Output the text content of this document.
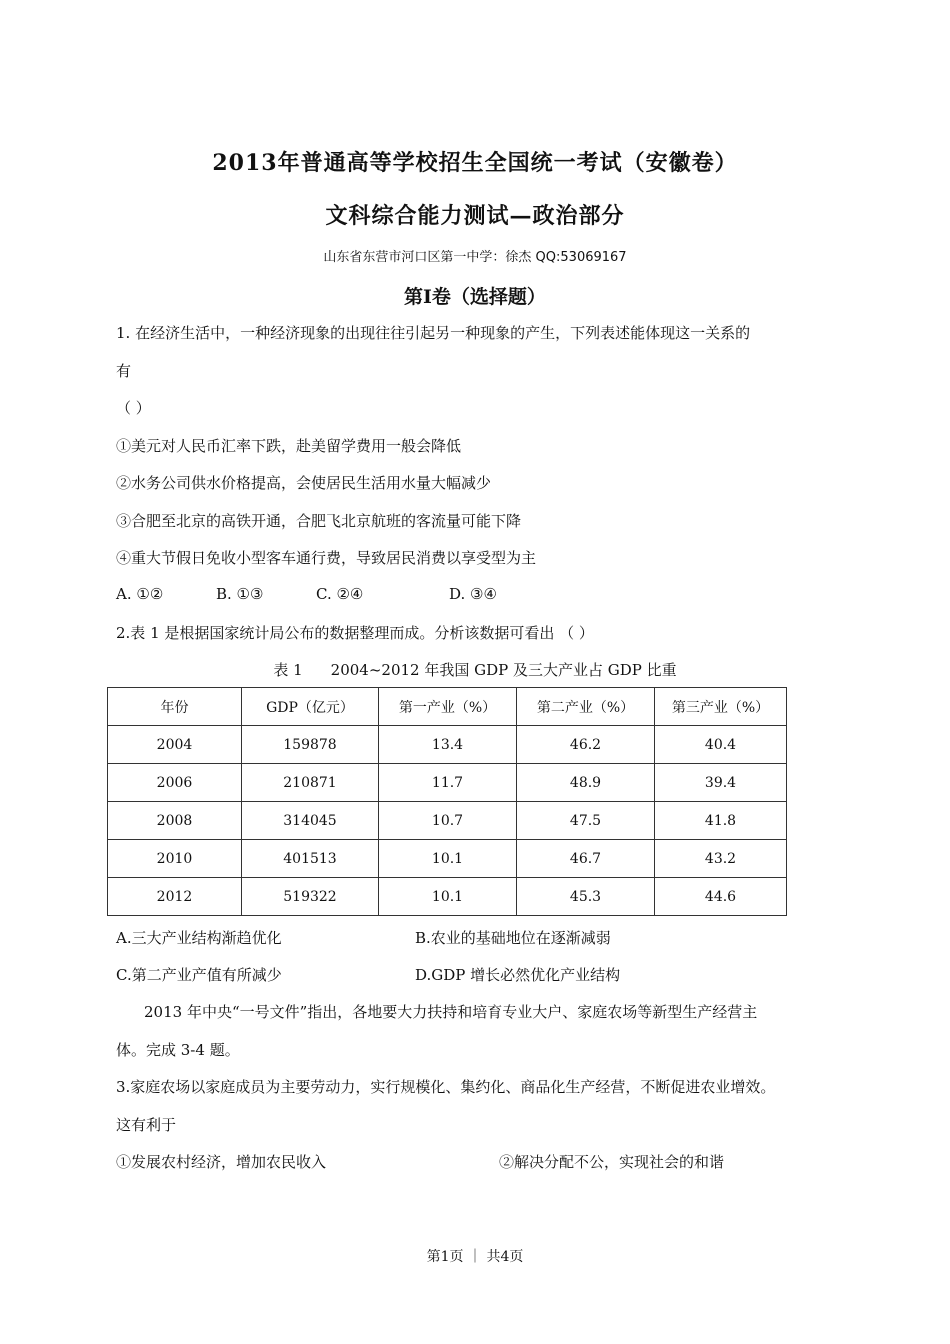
2013年普通高等学校招生全国统一考试（安徽卷）
文科综合能力测试—政治部分
山东省东营市河口区第一中学：徐杰 QQ:53069167
第Ⅰ卷（选择题）
1. 在经济生活中，一种经济现象的出现往往引起另一种现象的产生，下列表述能体现这一关系的
有
（ ）
①美元对人民币汇率下跌，赴美留学费用一般会降低
②水务公司供水价格提高，会使居民生活用水量大幅减少
③合肥至北京的高铁开通，合肥飞北京航班的客流量可能下降
④重大节假日免收小型客车通行费，导致居民消费以享受型为主
A. ①②	B. ①③	C. ②④	D. ③④
2.表 1 是根据国家统计局公布的数据整理而成。分析该数据可看出 （ ）
表 1 2004~2012 年我国 GDP 及三大产业占 GDP 比重
年份	GDP（亿元）	第一产业（%）	第二产业（%）	第三产业（%）
2004	159878	13.4	46.2	40.4
2006	210871	11.7	48.9	39.4
2008	314045	10.7	47.5	41.8
2010	401513	10.1	46.7	43.2
2012	519322	10.1	45.3	44.6
A.三大产业结构渐趋优化	B.农业的基础地位在逐渐减弱
C.第二产业产值有所减少	D.GDP 增长必然优化产业结构
2013 年中央“一号文件”指出，各地要大力扶持和培育专业大户、家庭农场等新型生产经营主
体。完成 3-4 题。
3.家庭农场以家庭成员为主要劳动力，实行规模化、集约化、商品化生产经营，不断促进农业增效。
这有利于
①发展农村经济，增加农民收入	②解决分配不公，实现社会的和谐
第1页 ｜ 共4页
